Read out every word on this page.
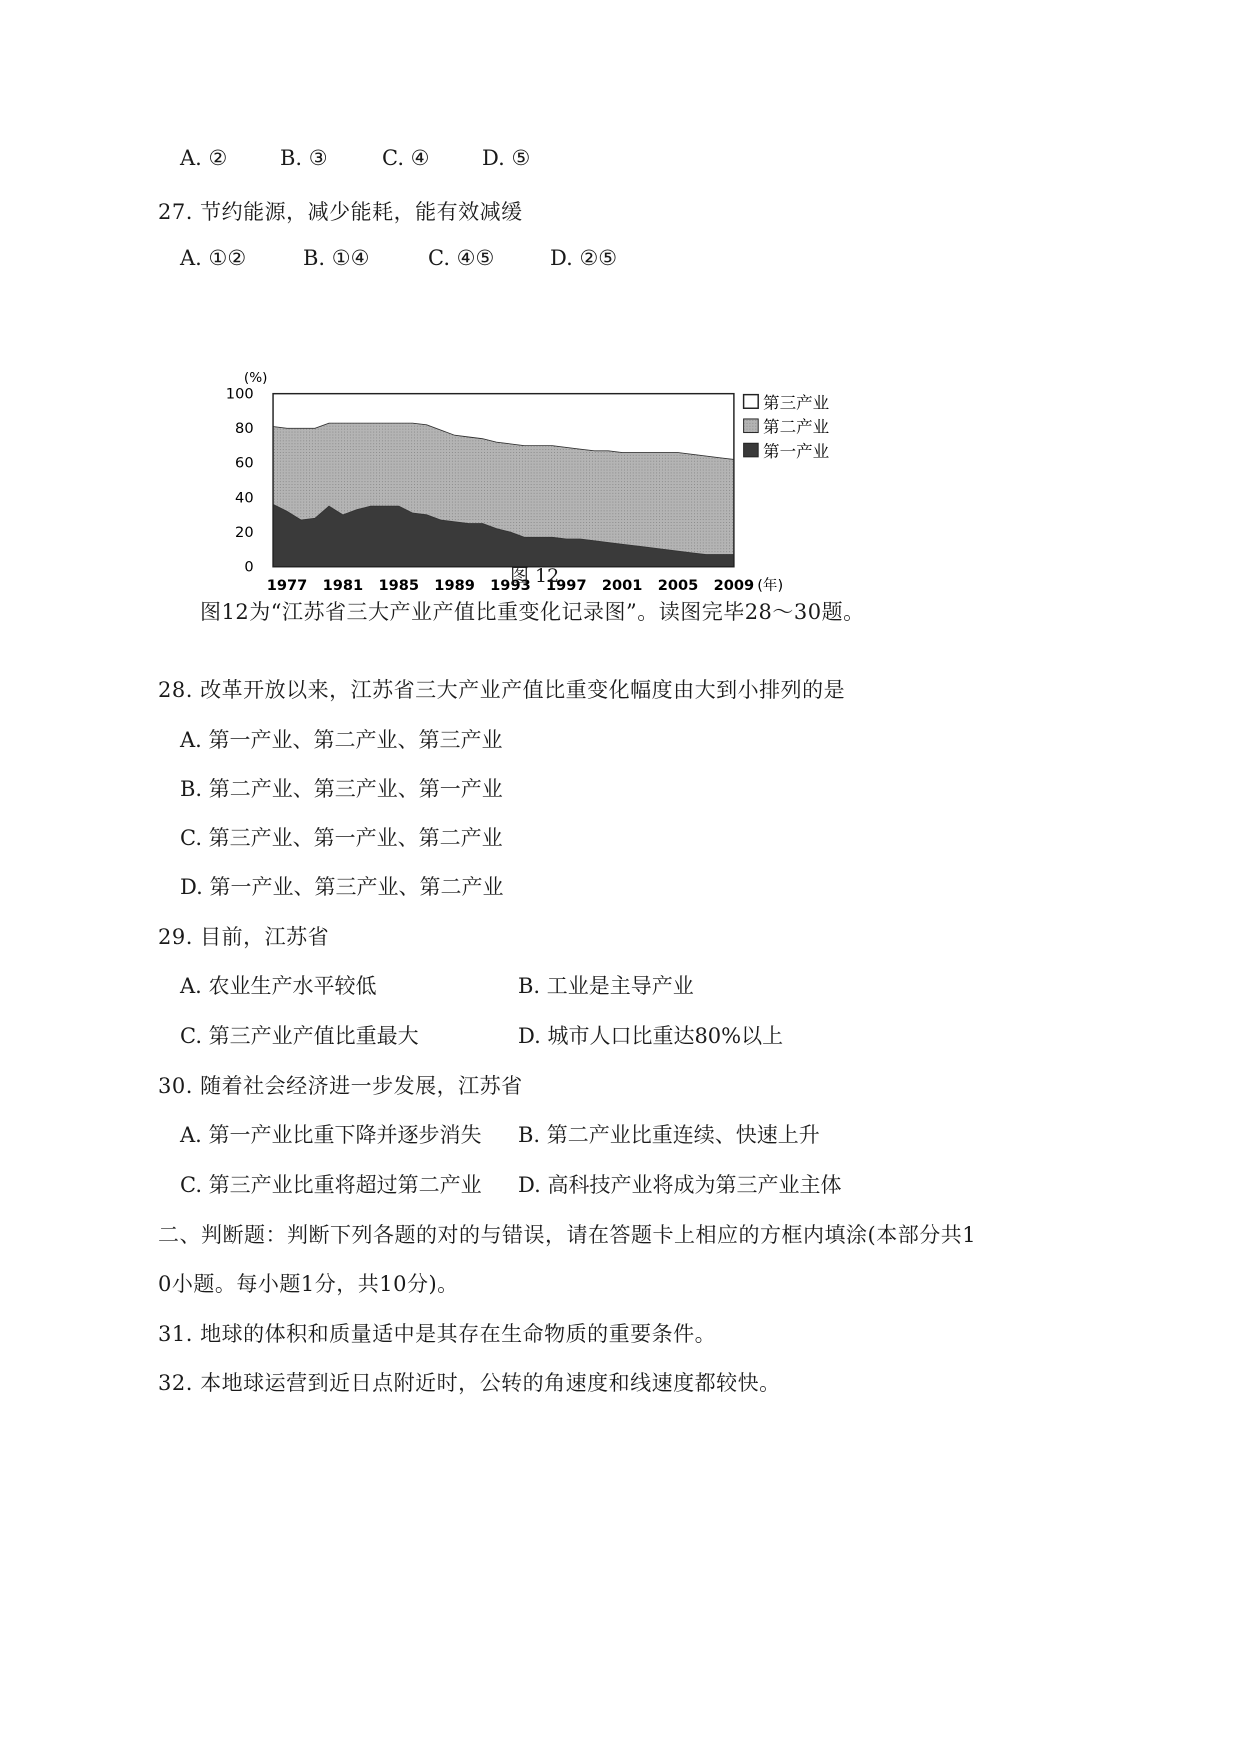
A. ②	B. ③	C. ④	D. ⑤
27. 节约能源，减少能耗，能有效减缓
A. ①②	B. ①④	C. ④⑤	D. ②⑤
(%)
0
20
40
60
80
100
1977 1981 1985 1989 1993 1997 2001 2005 2009 (年)
第三产业
第二产业
第一产业
图 12
图12为“江苏省三大产业产值比重变化记录图”。读图完毕28～30题。
28. 改革开放以来，江苏省三大产业产值比重变化幅度由大到小排列的是
A. 第一产业、第二产业、第三产业
B. 第二产业、第三产业、第一产业
C. 第三产业、第一产业、第二产业
D. 第一产业、第三产业、第二产业
29. 目前，江苏省
A. 农业生产水平较低	B. 工业是主导产业
C. 第三产业产值比重最大	D. 城市人口比重达80%以上
30. 随着社会经济进一步发展，江苏省
A. 第一产业比重下降并逐步消失 B. 第二产业比重连续、快速上升
C. 第三产业比重将超过第二产业 D. 高科技产业将成为第三产业主体
二、判断题：判断下列各题的对的与错误，请在答题卡上相应的方框内填涂(本部分共1
0小题。每小题1分，共10分)。
31. 地球的体积和质量适中是其存在生命物质的重要条件。
32. 本地球运营到近日点附近时，公转的角速度和线速度都较快。
